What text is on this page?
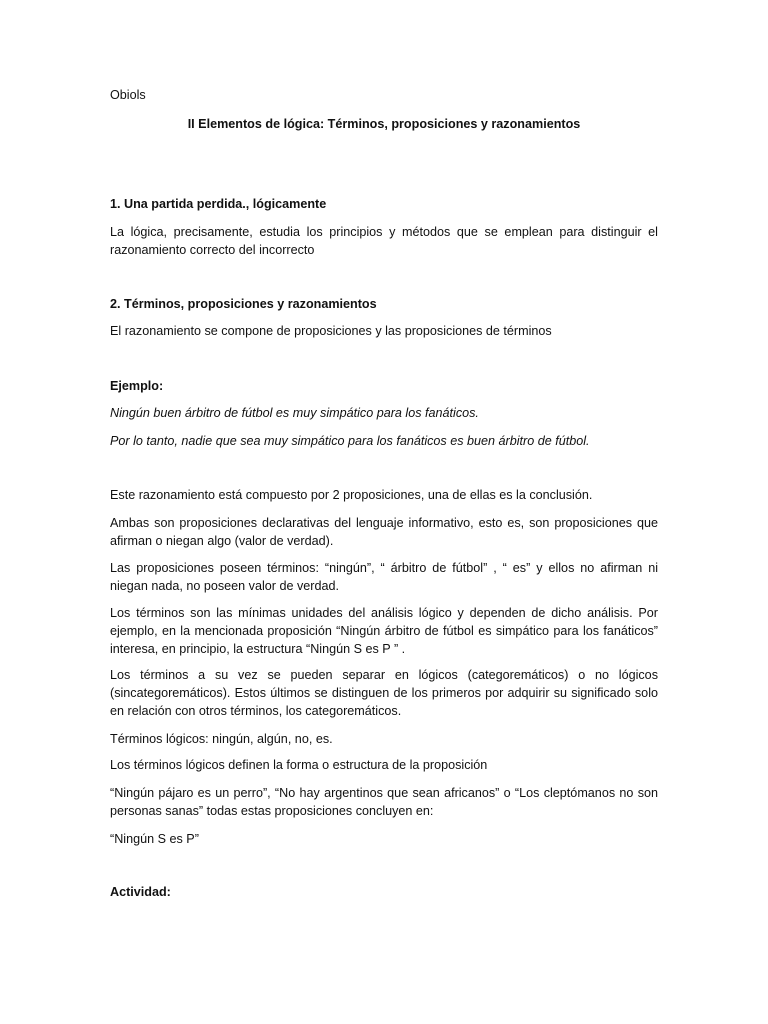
Obiols
II Elementos de lógica: Términos, proposiciones y razonamientos
1. Una partida perdida., lógicamente
La lógica, precisamente, estudia los principios y métodos que se emplean para distinguir el razonamiento correcto del incorrecto
2. Términos, proposiciones y razonamientos
El razonamiento se compone de proposiciones y las proposiciones de términos
Ejemplo:
Ningún buen árbitro de fútbol es muy simpático para los fanáticos.
Por lo tanto, nadie que sea muy simpático para los fanáticos es buen árbitro de fútbol.
Este razonamiento está compuesto por 2 proposiciones, una de ellas es la conclusión.
Ambas son proposiciones declarativas del lenguaje informativo, esto es, son proposiciones que afirman o niegan algo (valor de verdad).
Las proposiciones poseen términos: “ningún”, “ árbitro de fútbol” , “ es” y ellos no afirman ni niegan nada, no poseen valor de verdad.
Los términos son las mínimas unidades del análisis lógico y dependen de dicho análisis. Por ejemplo, en la mencionada proposición “Ningún árbitro de fútbol es simpático para los fanáticos” interesa, en principio, la estructura “Ningún S es P ” .
Los términos a su vez se pueden separar en lógicos (categoremáticos) o no lógicos (sincategoremáticos). Estos últimos se distinguen de los primeros por adquirir su significado solo en relación con otros términos, los categoremáticos.
Términos lógicos: ningún, algún, no, es.
Los términos lógicos definen la forma o estructura de la proposición
“Ningún pájaro es un perro”, “No hay argentinos que sean africanos” o “Los cleptómanos no son personas sanas” todas estas proposiciones concluyen en:
“Ningún S es P”
Actividad:
